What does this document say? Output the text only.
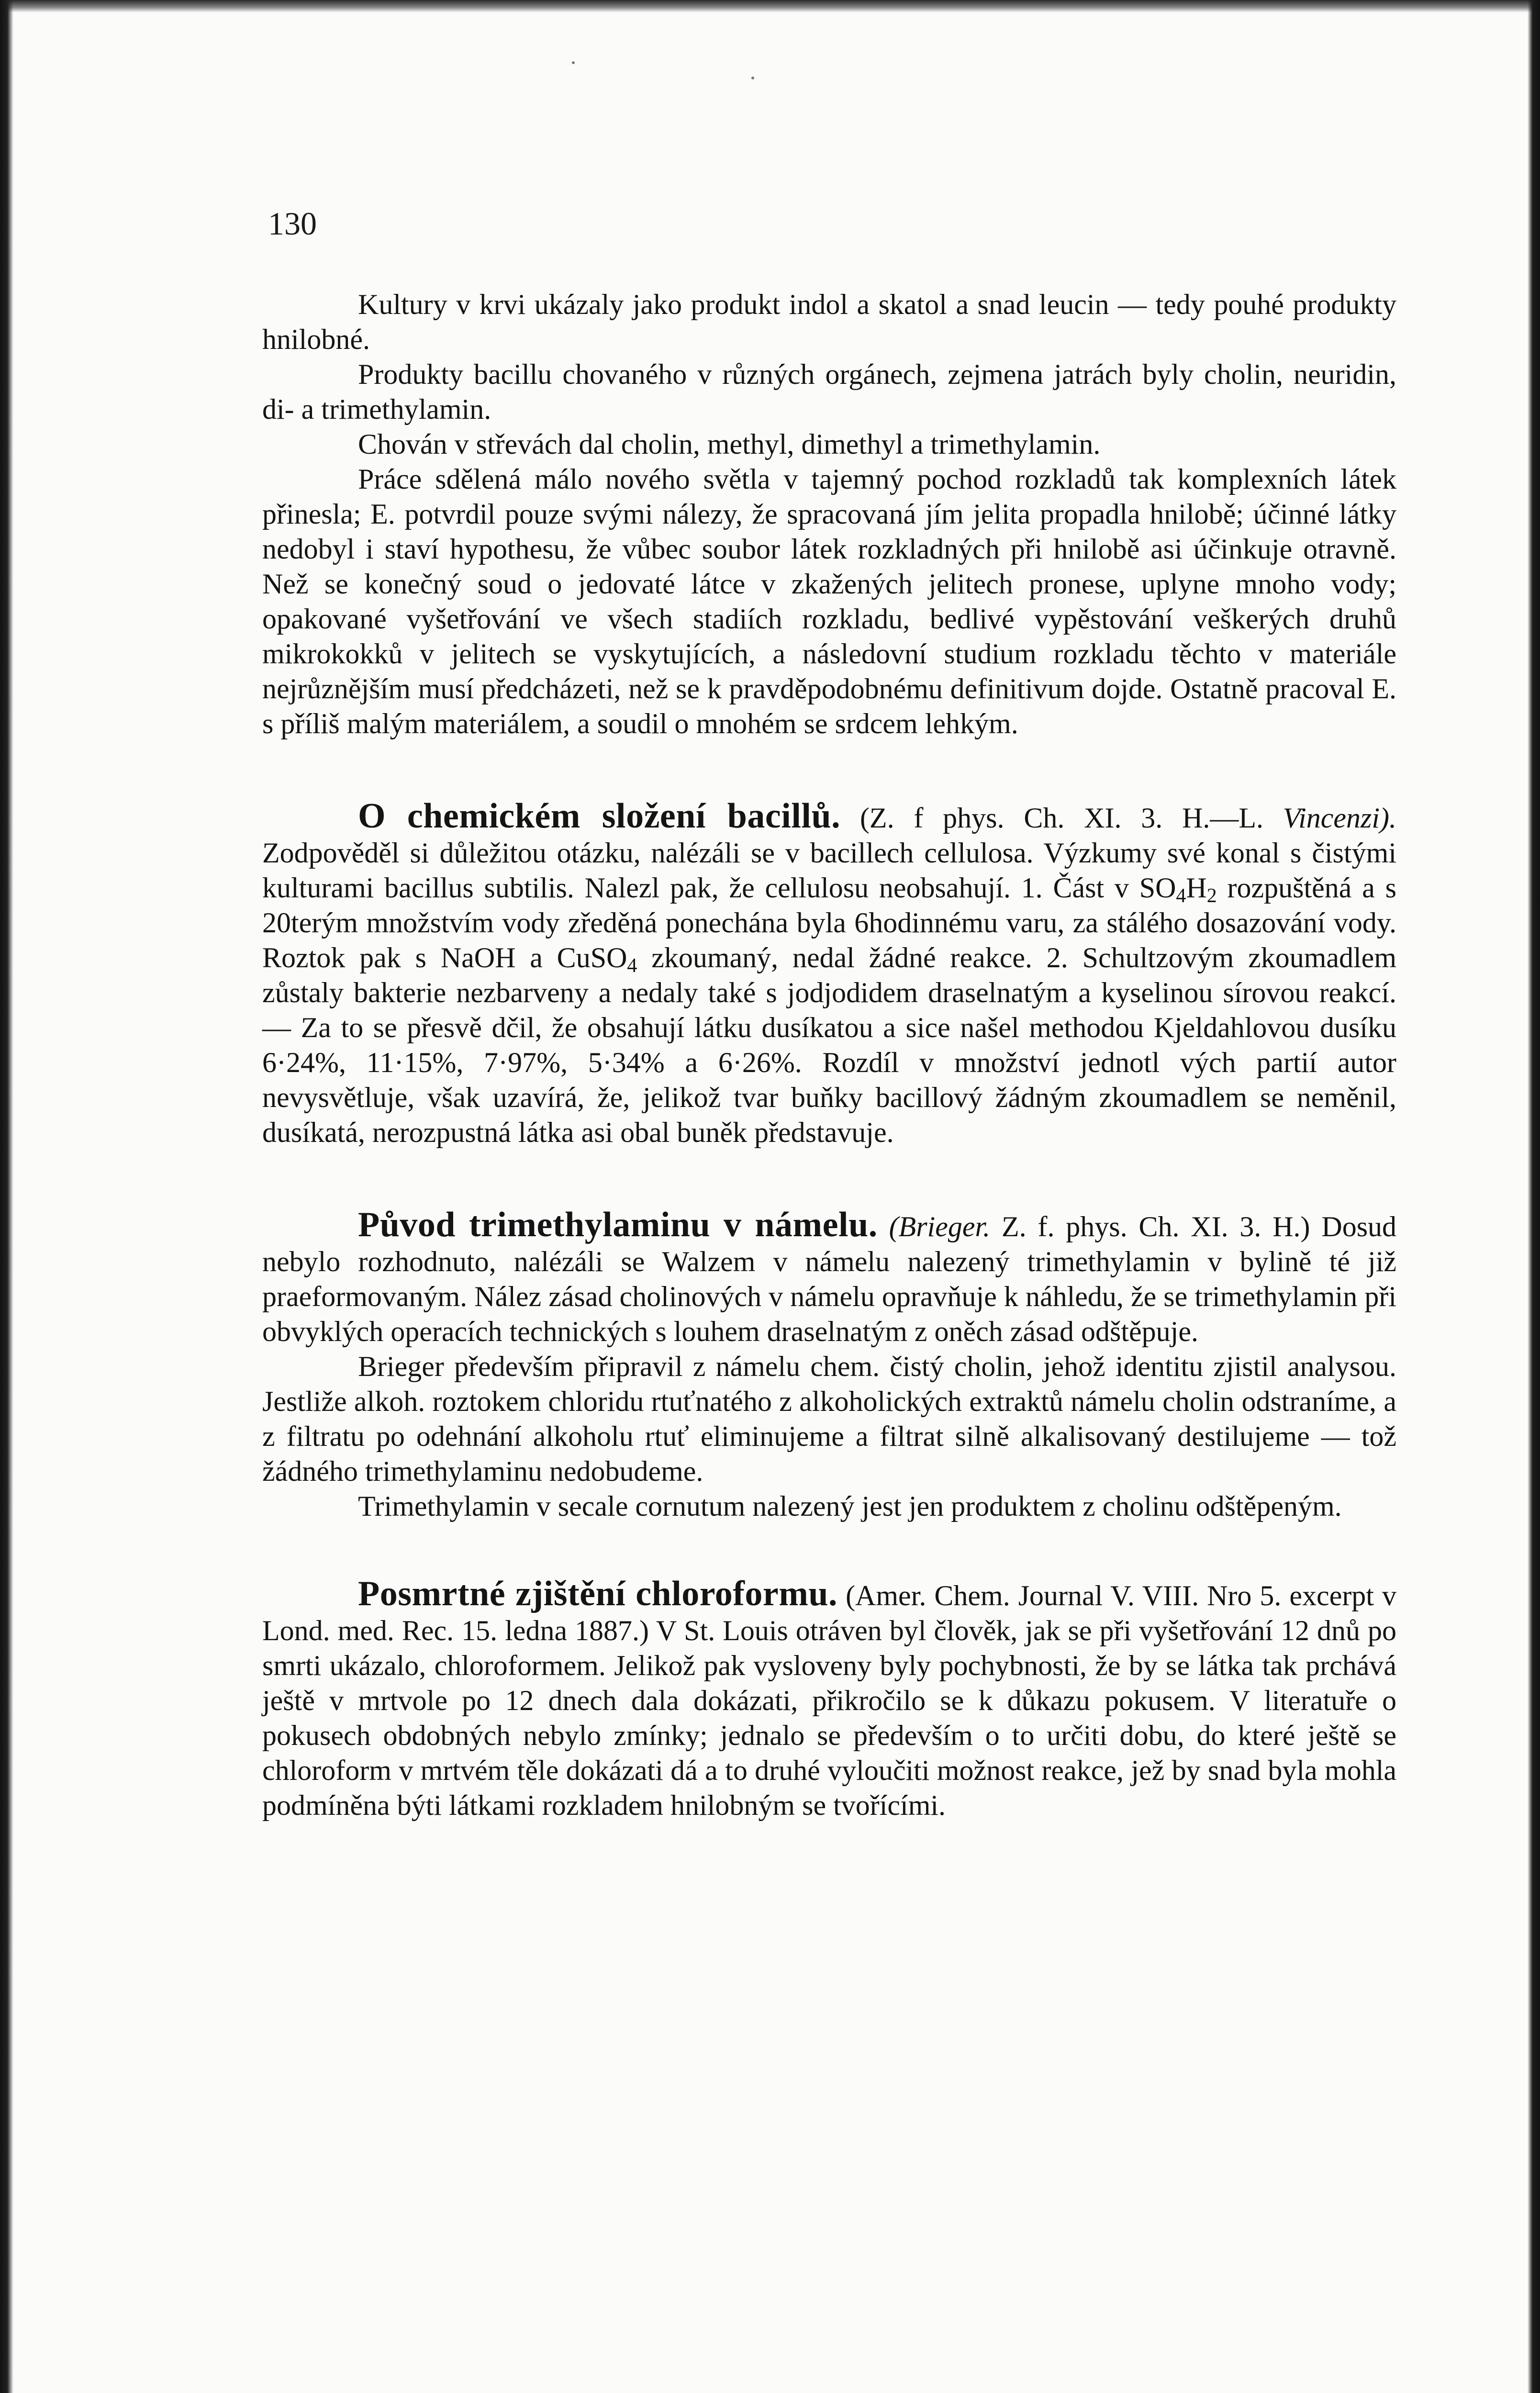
130

Kultury v krvi ukázaly jako produkt indol a skatol a snad leucin — tedy pouhé produkty hnilobné.

Produkty bacillu chovaného v různých orgánech, zejmena jatrách byly cholin, neuridin, di- a trimethylamin.

Chován v střevách dal cholin, methyl, dimethyl a trimethylamin.

Práce sdělená málo nového světla v tajemný pochod rozkladů tak komplexních látek přinesla; E. potvrdil pouze svými nálezy, že spracovaná jím jelita propadla hnilobě; účinné látky nedobyl i staví hypothesu, že vůbec soubor látek rozkladných při hnilobě asi účinkuje otravně. Než se konečný soud o jedovaté látce v zkažených jelitech pronese, uplyne mnoho vody; opakované vyšetřování ve všech stadiích rozkladu, bedlivé vypěstování veškerých druhů mikrokokků v jelitech se vyskytujících, a následovní studium rozkladu těchto v materiále nejrůznějším musí předcházeti, než se k pravděpodobnému definitivum dojde. Ostatně pracoval E. s příliš malým materiálem, a soudil o mnohém se srdcem lehkým.

O chemickém složení bacillů. (Z. f phys. Ch. XI. 3. H.—L. Vincenzi). Zodpověděl si důležitou otázku, nalézáli se v bacillech cellulosa. Výzkumy své konal s čistými kulturami bacillus subtilis. Nalezl pak, že cellulosu neobsahují. 1. Část v $SO_4H_2$ rozpuštěná a s 20terým množstvím vody zředěná ponechána byla 6hodinnému varu, za stálého dosazování vody. Roztok pak s NaOH a CuSO$_4$ zkoumaný, nedal žádné reakce. 2. Schultzovým zkoumadlem zůstaly bakterie nezbarveny a nedaly také s jodjodidem draselnatým a kyselinou sírovou reakcí. — Za to se přesvě dčil, že obsahují látku dusíkatou a sice našel methodou Kjeldahlovou dusíku 6·24%, 11·15%, 7·97%, 5·34% a 6·26%. Rozdíl v množství jednotl vých partií autor nevysvětluje, však uzavírá, že, jelikož tvar buňky bacillový žádným zkoumadlem se neměnil, dusíkatá, nerozpustná látka asi obal buněk představuje.

Původ trimethylaminu v námelu. (Brieger. Z. f. phys. Ch. XI. 3. H.) Dosud nebylo rozhodnuto, nalézáli se Walzem v námelu nalezený trimethylamin v bylině té již praeformovaným. Nález zásad cholinových v námelu opravňuje k náhledu, že se trimethylamin při obvyklých operacích technických s louhem draselnatým z oněch zásad odštěpuje.

Brieger především připravil z námelu chem. čistý cholin, jehož identitu zjistil analysou. Jestliže alkoh. roztokem chloridu rtuťnatého z alkoholických extraktů námelu cholin odstraníme, a z filtratu po odehnání alkoholu rtuť eliminujeme a filtrat silně alkalisovaný destilujeme — tož žádného trimethylaminu nedobudeme.

Trimethylamin v secale cornutum nalezený jest jen produktem z cholinu odštěpeným.

Posmrtné zjištění chloroformu. (Amer. Chem. Journal V. VIII. Nro 5. excerpt v Lond. med. Rec. 15. ledna 1887.) V St. Louis otráven byl člověk, jak se při vyšetřování 12 dnů po smrti ukázalo, chloroformem. Jelikož pak vysloveny byly pochybnosti, že by se látka tak prchává ještě v mrtvole po 12 dnech dala dokázati, přikročilo se k důkazu pokusem. V literatuře o pokusech obdobných nebylo zmínky; jednalo se především o to určiti dobu, do které ještě se chloroform v mrtvém těle dokázati dá a to druhé vyloučiti možnost reakce, jež by snad byla mohla podmíněna býti látkami rozkladem hnilobným se tvořícími.
